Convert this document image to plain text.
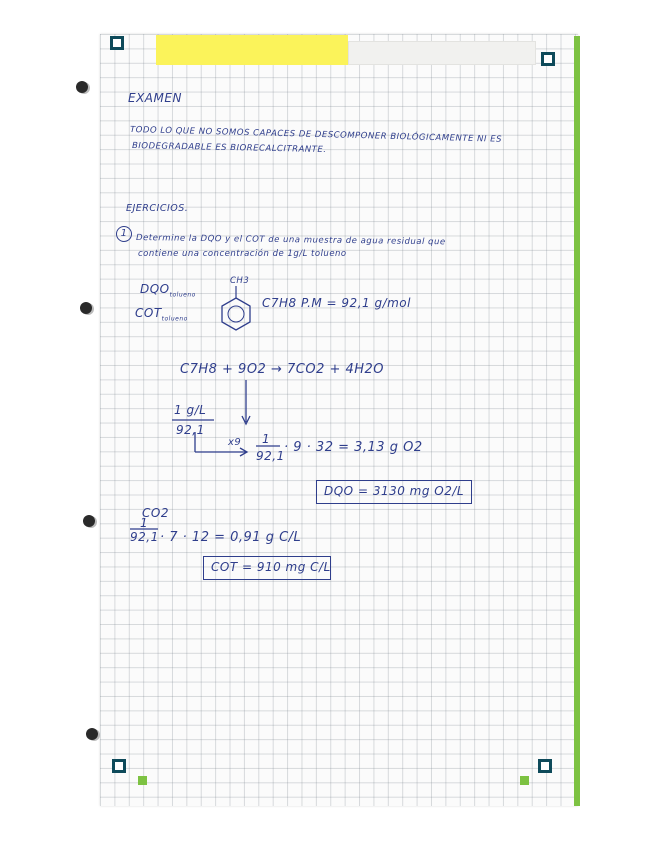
EXAMEN
TODO LO QUE NO SOMOS CAPACES DE DESCOMPONER BIOLÓGICAMENTE NI ES
BIODEGRADABLE ES BIORECALCITRANTE.
EJERCICIOS.
1 Determine la DQO y el COT de una muestra de agua residual que
contiene una concentración de 1g/L tolueno
$DQO_{tolueno}$
$COT_{tolueno}$
CH3
C7H8 P.M = 92,1 g/mol
C7H8 + 9O2 → 7CO2 + 4H2O
1 g/L
92,1
x9 1
92,1
· 9 · 32 = 3,13 g O2
DQO = 3130 mg O2/L
CO2
1
92,1 · 7 · 12 = 0,91 g C/L
COT = 910 mg C/L
